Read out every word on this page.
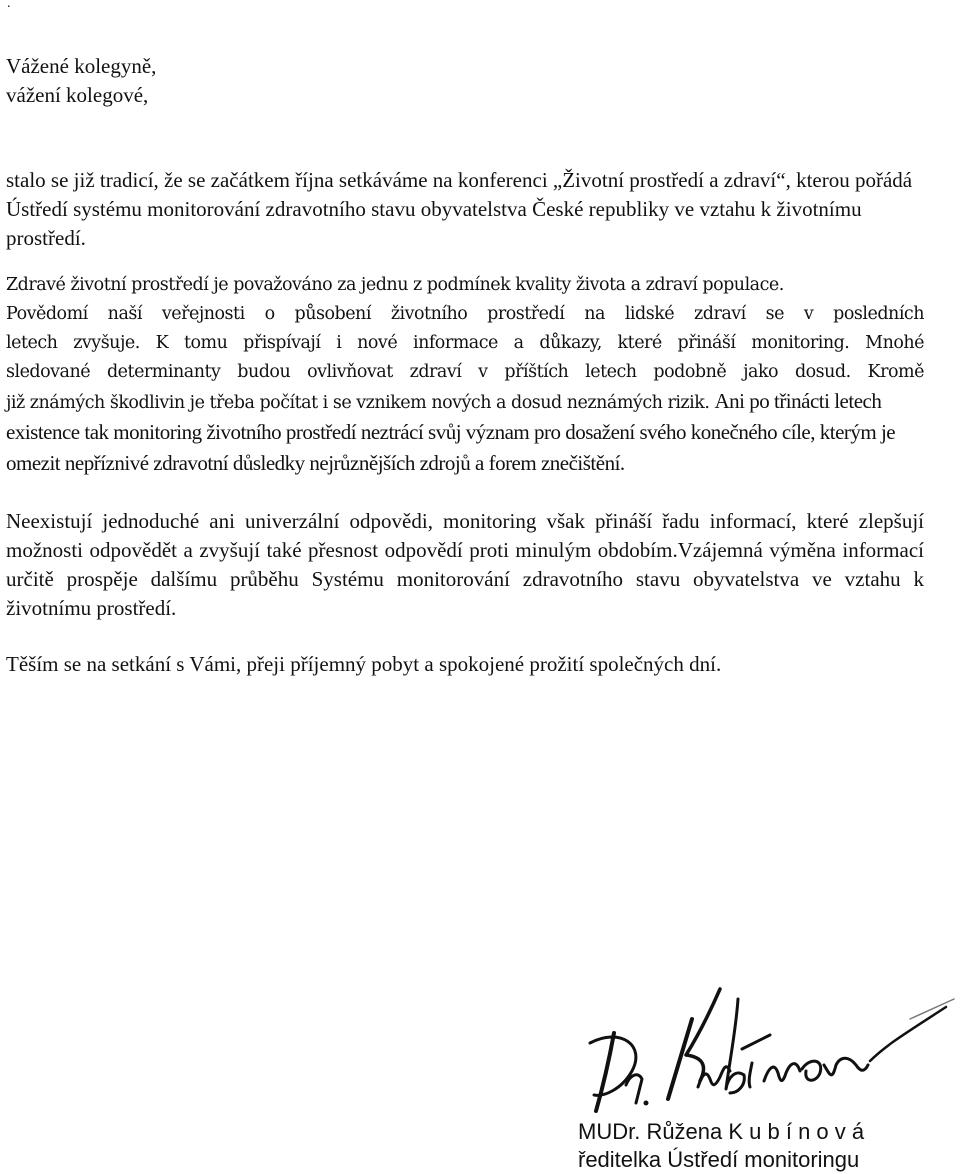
.

Vážené kolegyně,
vážení kolegové,

stalo se již tradicí, že se začátkem října setkáváme na konferenci „Životní prostředí a zdraví“, kterou pořádá Ústředí systému monitorování zdravotního stavu obyvatelstva České republiky ve vztahu k životnímu prostředí.

Zdravé životní prostředí je považováno za jednu z podmínek kvality života a zdraví populace.
Povědomí naší veřejnosti o působení životního prostředí na lidské zdraví se v posledních
letech zvyšuje. K tomu přispívají i nové informace a důkazy, které přináší monitoring. Mnohé
sledované determinanty budou ovlivňovat zdraví v příštích letech podobně jako dosud. Kromě
již známých škodlivin je třeba počítat i se vznikem nových a dosud neznámých rizik. Ani po třinácti letech existence tak monitoring životního prostředí neztrácí svůj význam pro dosažení svého konečného cíle, kterým je omezit nepříznivé zdravotní důsledky nejrůznějších zdrojů a forem znečištění.

Neexistují jednoduché ani univerzální odpovědi, monitoring však přináší řadu informací, které zlepšují možnosti odpovědět a zvyšují také přesnost odpovědí proti minulým obdobím.Vzájemná výměna informací určitě prospěje dalšímu průběhu Systému monitorování zdravotního stavu obyvatelstva ve vztahu k životnímu prostředí.

Těším se na setkání s Vámi, přeji příjemný pobyt a spokojené prožití společných dní.

MUDr. Růžena K u b í n o v á
ředitelka Ústředí monitoringu
